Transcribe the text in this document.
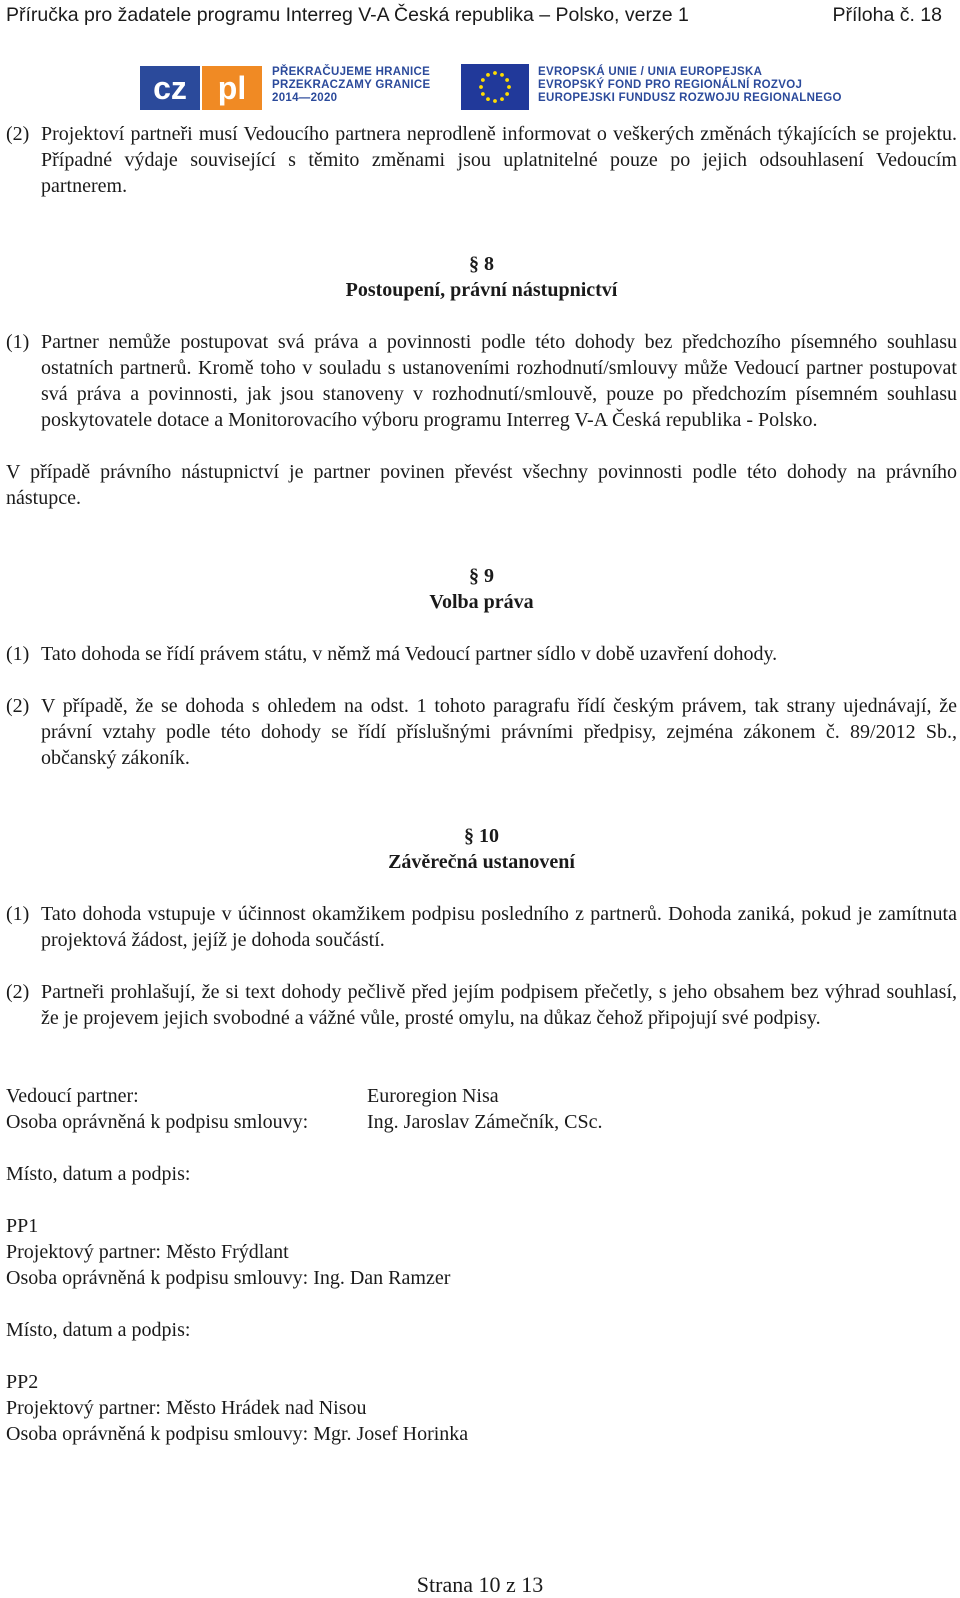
Příručka pro žadatele programu Interreg V-A Česká republika – Polsko, verze 1	Příloha č. 18
cz pl PŘEKRAČUJEME HRANICE
PRZEKRACZAMY GRANICE
2014—2020
EVROPSKÁ UNIE / UNIA EUROPEJSKA
EVROPSKÝ FOND PRO REGIONÁLNÍ ROZVOJ
EUROPEJSKI FUNDUSZ ROZWOJU REGIONALNEGO

(2) Projektoví partneři musí Vedoucího partnera neprodleně informovat o veškerých změnách týkajících se projektu. Případné výdaje související s těmito změnami jsou uplatnitelné pouze po jejich odsouhlasení Vedoucím partnerem.

§ 8
Postoupení, právní nástupnictví

(1) Partner nemůže postupovat svá práva a povinnosti podle této dohody bez předchozího písemného souhlasu ostatních partnerů. Kromě toho v souladu s ustanoveními rozhodnutí/smlouvy může Vedoucí partner postupovat svá práva a povinnosti, jak jsou stanoveny v rozhodnutí/smlouvě, pouze po předchozím písemném souhlasu poskytovatele dotace a Monitorovacího výboru programu Interreg V-A Česká republika - Polsko.

V případě právního nástupnictví je partner povinen převést všechny povinnosti podle této dohody na právního nástupce.

§ 9
Volba práva

(1) Tato dohoda se řídí právem státu, v němž má Vedoucí partner sídlo v době uzavření dohody.

(2) V případě, že se dohoda s ohledem na odst. 1 tohoto paragrafu řídí českým právem, tak strany ujednávají, že právní vztahy podle této dohody se řídí příslušnými právními předpisy, zejména zákonem č. 89/2012 Sb., občanský zákoník.

§ 10
Závěrečná ustanovení

(1) Tato dohoda vstupuje v účinnost okamžikem podpisu posledního z partnerů. Dohoda zaniká, pokud je zamítnuta projektová žádost, jejíž je dohoda součástí.

(2) Partneři prohlašují, že si text dohody pečlivě před jejím podpisem přečetly, s jeho obsahem bez výhrad souhlasí, že je projevem jejich svobodné a vážné vůle, prosté omylu, na důkaz čehož připojují své podpisy.

Vedoucí partner:	Euroregion Nisa

Osoba oprávněná k podpisu smlouvy:	Ing. Jaroslav Zámečník, CSc.

Místo, datum a podpis:

PP1

Projektový partner: Město Frýdlant

Osoba oprávněná k podpisu smlouvy: Ing. Dan Ramzer

Místo, datum a podpis:

PP2

Projektový partner: Město Hrádek nad Nisou

Osoba oprávněná k podpisu smlouvy: Mgr. Josef Horinka

Strana 10 z 13
